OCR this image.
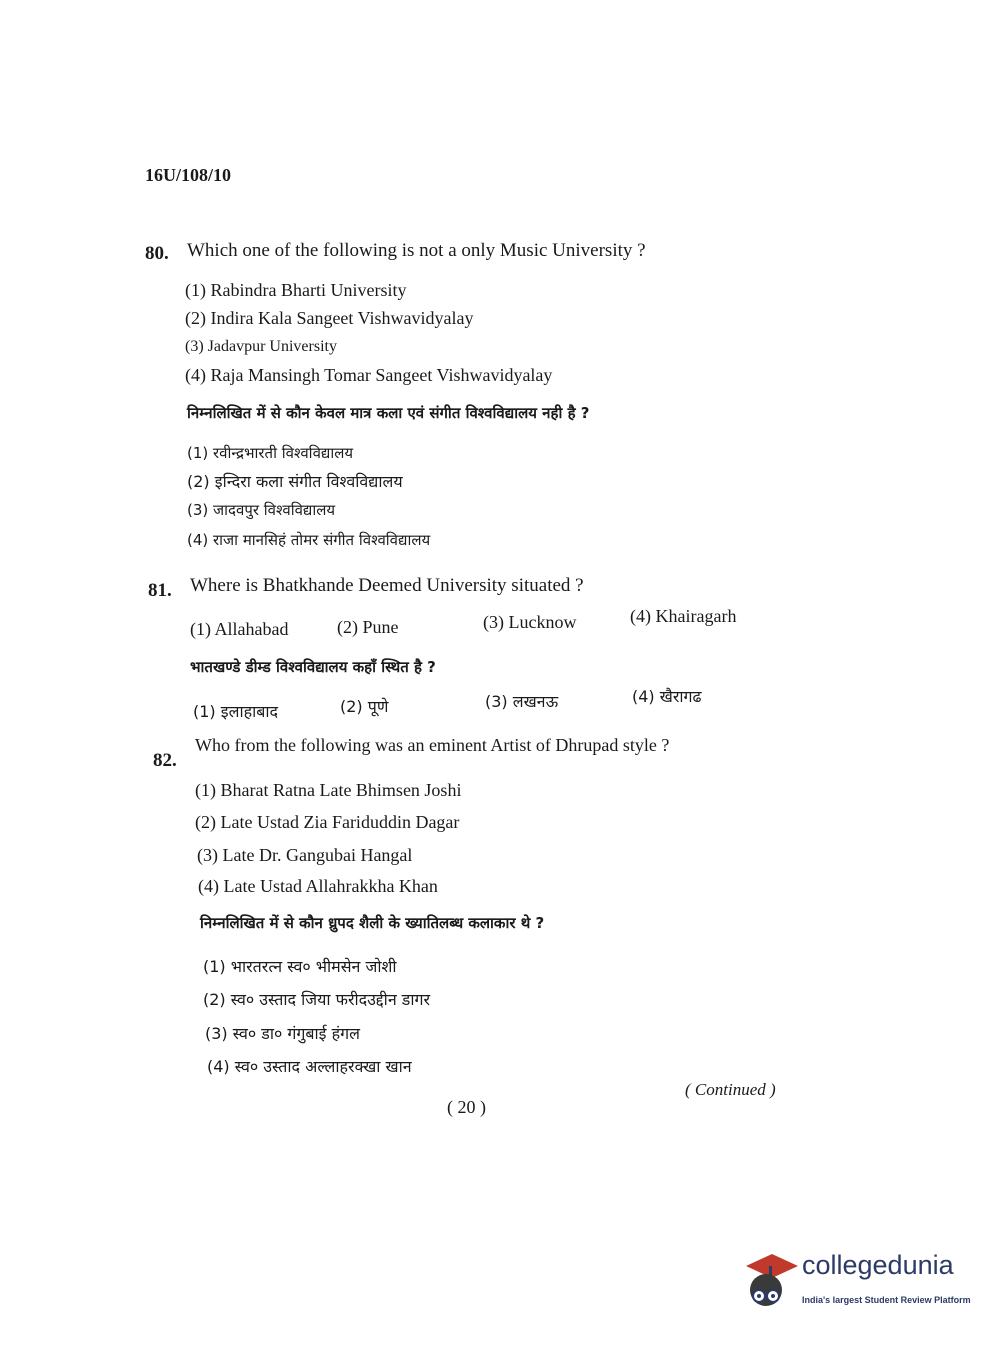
16U/108/10
80. Which one of the following is not a only Music University ?
(1) Rabindra Bharti University
(2) Indira Kala Sangeet Vishwavidyalay
(3) Jadavpur University
(4) Raja Mansingh Tomar Sangeet Vishwavidyalay
निम्नलिखित में से कौन केवल मात्र कला एवं संगीत विश्वविद्यालय नही है ?
(1) रवीन्द्रभारती विश्वविद्यालय
(2) इन्दिरा कला संगीत विश्वविद्यालय
(3) जादवपुर विश्वविद्यालय
(4) राजा मानसिहं तोमर संगीत विश्वविद्यालय
81. Where is Bhatkhande Deemed University situated ?
(1) Allahabad	(2) Pune	(3) Lucknow	(4) Khairagarh
भातखण्डे डीम्ड विश्वविद्यालय कहाँ स्थित है ?
(1) इलाहाबाद	(2) पूणे	(3) लखनऊ	(4) खैरागढ
82.
Who from the following was an eminent Artist of Dhrupad style ?
(1) Bharat Ratna Late Bhimsen Joshi
(2) Late Ustad Zia Fariduddin Dagar
(3) Late Dr. Gangubai Hangal
(4) Late Ustad Allahrakkha Khan
निम्नलिखित में से कौन ध्रुपद शैली के ख्यातिलब्ध कलाकार थे ?
(1) भारतरत्न स्व० भीमसेन जोशी
(2) स्व० उस्ताद जिया फरीदउद्दीन डागर
(3) स्व० डा० गंगुबाई हंगल
(4) स्व० उस्ताद अल्लाहरक्खा खान
( Continued )
( 20 )
collegedunia
India's largest Student Review Platform
